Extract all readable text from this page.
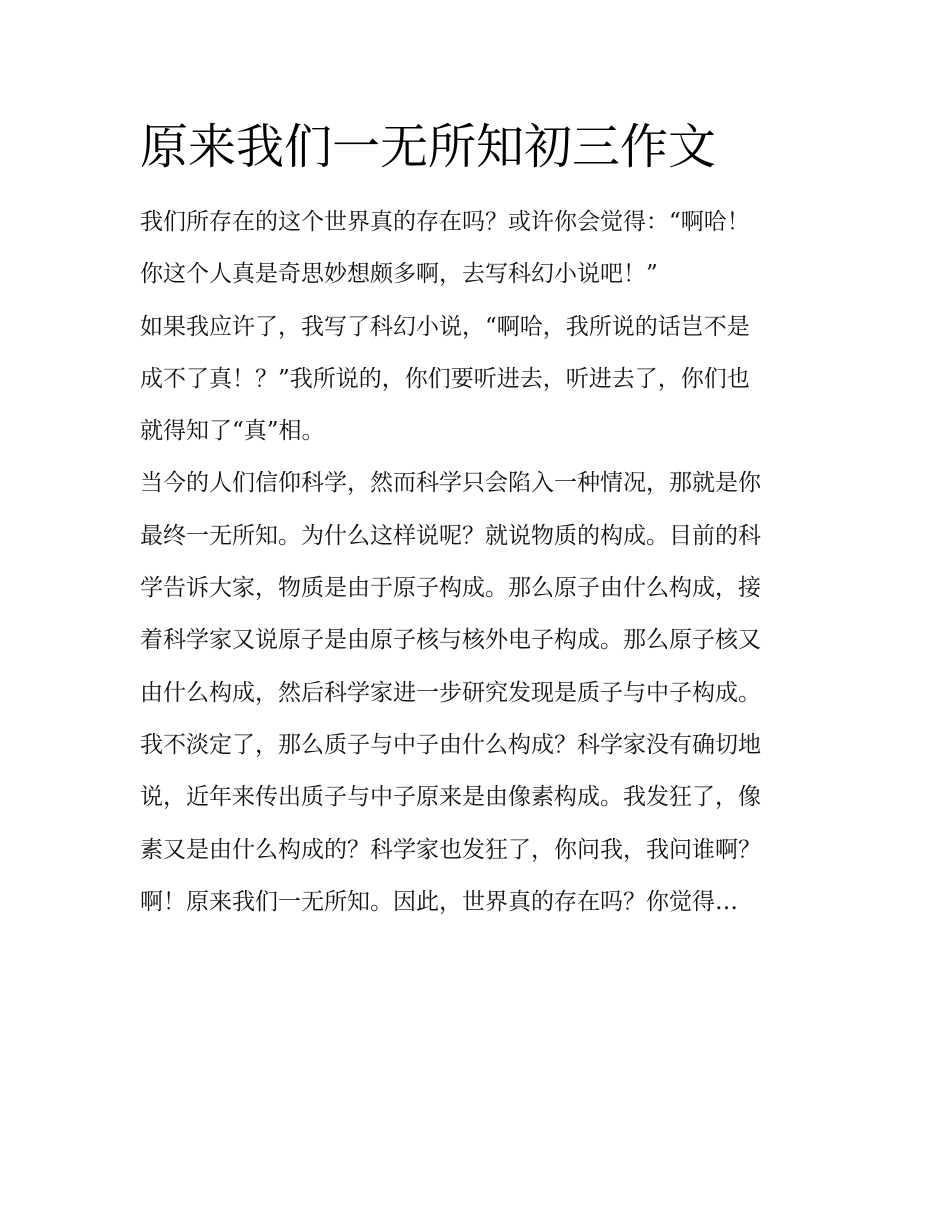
原来我们一无所知初三作文
我们所存在的这个世界真的存在吗？或许你会觉得：“啊哈！
你这个人真是奇思妙想颇多啊，去写科幻小说吧！”
如果我应许了，我写了科幻小说，“啊哈，我所说的话岂不是
成不了真！？”我所说的，你们要听进去，听进去了，你们也
就得知了“真”相。
当今的人们信仰科学，然而科学只会陷入一种情况，那就是你
最终一无所知。为什么这样说呢？就说物质的构成。目前的科
学告诉大家，物质是由于原子构成。那么原子由什么构成，接
着科学家又说原子是由原子核与核外电子构成。那么原子核又
由什么构成，然后科学家进一步研究发现是质子与中子构成。
我不淡定了，那么质子与中子由什么构成？科学家没有确切地
说，近年来传出质子与中子原来是由像素构成。我发狂了，像
素又是由什么构成的？科学家也发狂了，你问我，我问谁啊？
啊！原来我们一无所知。因此，世界真的存在吗？你觉得…
